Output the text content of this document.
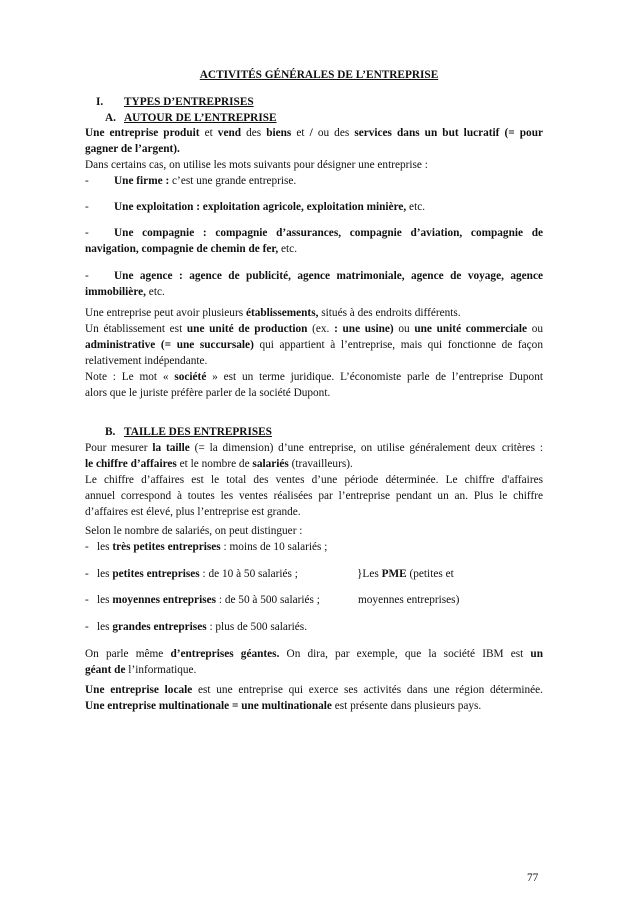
ACTIVITÉS GÉNÉRALES DE L’ENTREPRISE
I. TYPES D’ENTREPRISES
A. AUTOUR DE L’ENTREPRISE
Une entreprise produit et vend des biens et / ou des services dans un but lucratif (= pour
gagner de l’argent).
Dans certains cas, on utilise les mots suivants pour désigner une entreprise :
- Une firme : c’est une grande entreprise.
- Une exploitation : exploitation agricole, exploitation minière, etc.
- Une compagnie : compagnie d’assurances, compagnie d’aviation, compagnie de
navigation, compagnie de chemin de fer, etc.
- Une agence : agence de publicité, agence matrimoniale, agence de voyage, agence
immobilière, etc.
Une entreprise peut avoir plusieurs établissements, situés à des endroits différents.
Un établissement est une unité de production (ex. : une usine) ou une unité commerciale ou
administrative (= une succursale) qui appartient à l’entreprise, mais qui fonctionne de façon
relativement indépendante.
Note : Le mot « société » est un terme juridique. L’économiste parle de l’entreprise Dupont
alors que le juriste préfère parler de la société Dupont.
B. TAILLE DES ENTREPRISES
Pour mesurer la taille (= la dimension) d’une entreprise, on utilise généralement deux critères :
le chiffre d’affaires et le nombre de salariés (travailleurs).
Le chiffre d’affaires est le total des ventes d’une période déterminée. Le chiffre d'affaires
annuel correspond à toutes les ventes réalisées par l’entreprise pendant un an. Plus le chiffre
d’affaires est élevé, plus l’entreprise est grande.
Selon le nombre de salariés, on peut distinguer :
- les très petites entreprises : moins de 10 salariés ;
- les petites entreprises : de 10 à 50 salariés ;	}Les PME (petites et
- les moyennes entreprises : de 50 à 500 salariés ;	moyennes entreprises)
- les grandes entreprises : plus de 500 salariés.
On parle même d’entreprises géantes. On dira, par exemple, que la société IBM est un
géant de l’informatique.
Une entreprise locale est une entreprise qui exerce ses activités dans une région déterminée.
Une entreprise multinationale = une multinationale est présente dans plusieurs pays.
77
